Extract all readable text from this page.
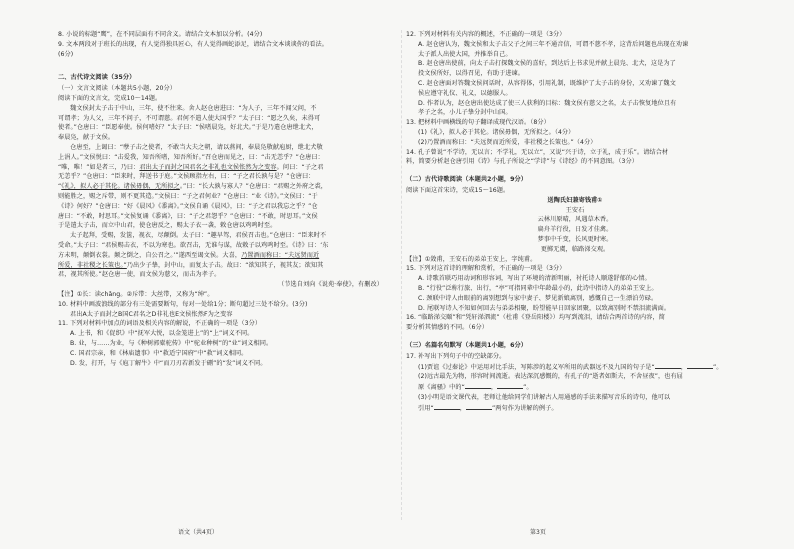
8. 小说的标题“鹰”，在不同层面有不同含义。请结合文本加以分析。(4分)

9. 文本两段对于班长的出现，有人觉得独具匠心，有人觉得画蛇添足，请结合文本谈谈你的看法。

(6分)

二、古代诗文阅读（35分）

（一）文言文阅读（本题共5小题，20分）

阅读下面的文言文，完成10～14题。

魏文侯封太子击于中山，三年，使不往来。舍人赵仓唐进曰：“为人子，三年不闻父问，不

可谓孝；为人父，三年不问子，不可谓慈。君何不遣人使大国乎？”太子曰：“愿之久矣，未得可

使者。”仓唐曰：“臣愿奉使。侯何嗜好？”太子曰：“侯嗜晨凫，好北犬。”于是乃遣仓唐绁北犬，

奉晨凫，献于文侯。

仓唐至，上谒曰：“孽子击之使者，不敢当大夫之朝，请以燕间，奉晨凫敬献庖厨，绁北犬敬

上涓人。”文侯悦曰：“击爱我，知吾所嗜，知吾所好。”召仓唐而见之，曰：“击无恙乎？”仓唐曰：

“唯，唯！”如是者三，乃曰：君出太子而封之国君名之非礼也文侯怅然为之变容。问曰：“子之君

无恙乎？”仓唐曰：“臣来时，拜送书于庭。”文侯顾指左右，曰：“子之君长孰与是？”仓唐曰：

“《礼》，拟人必于其伦。诸侯毋偶，无所拟之。”曰：“长大孰与寡人？”仓唐曰：“君赐之外府之裘，

则能胜之，赐之斥带，则不更其造。”文侯曰：“子之君何业？”仓唐曰：“业《诗》。”文侯曰：“于

《诗》何好？”仓唐曰：“好《晨风》《黍离》。”文侯自诵《晨风》，曰：“子之君以我忘之乎？”仓

唐曰：“不敢，时思耳。”文侯复诵《黍离》，曰：“子之君怨乎？”仓唐曰：“不敢，时思耳。”文侯

于是遣太子击，而立中山君，使仓唐反之，赐太子衣一袭，敕仓唐以鸡鸣时至。

太子起拜，受赐，发箧，视衣，尽颠倒。太子曰：“趣早驾，君侯召击也。”仓唐曰：“臣来时不

受命。”太子曰：“君侯赐击衣，不以为寒也。欲召击，无谁与谋，故敕子以鸡鸣时至。《诗》曰：‘东

方未明，颠倒衣裳。颠之倒之，自公召之。’”遂西至谒文侯。大喜，乃置酒而称曰：“夫远贤而近

所爱，非社稷之长策也。”乃出少子挚，封中山，而复太子击。故曰：“欲知其子，视其友；欲知其

君，视其所使。”赵仓唐一使，而文侯为慈父，而击为孝子。

（节选自刘向《说苑·奉使》，有删改）

【注】①长：读chǎng。②斥带：大丝带，又称为“绅”。

10. 材料中画波浪线的部分有三处需要断句，每对一处给1分；断句超过三处不给分。(3分)

君出A太子而封之B国C君名之D非礼也E文侯怅然F为之变容

11. 下列对材料中加点的词语及相关内容的解说，不正确的一项是（3分）

A. 上书，和《促织》中“抚军大悦，以金笼进上”的“上”词义不同。

B. 业，与……为业，与《种树郭橐驼传》中“驼业种树”的“业”词义相同。

C. 国君宗亲，和《林庙遗事》中“救适宁国府”中“救”词义相同。

D. 发，打开，与《庖丁解牛》中“而刀刃若新发于硎”的“发”词义不同。

12. 下列对材料有关内容的概述，不正确的一项是（3分）

A. 赵仓唐认为，魏文侯和太子击父子之间三年不通音信，可谓不慈不孝，这背后问题也出现在劝谏

太子派人出使大国，并推举自己。

B. 赵仓唐出使前，向太子击打探魏文侯的喜好，到达后上书求见并献上晨凫、北犬，这是为了

投文侯所好，以得召见，有助于进谏。

C. 赵仓唐面对答魏文侯问话时，从容得体，引用礼制，既维护了太子击的身份，又劝谏了魏文

侯应遵守礼仪、礼义，以德服人。

D. 作者认为，赵仓唐出使达成了使三人获利的目标：魏文侯有慈父之名，太子击恢复地位且有

孝子之名，小儿子挚分封中山国。

13. 把材料中画横线的句子翻译成现代汉语。（8分）

(1)《礼》，拟人必于其伦。诸侯毋偶，无所拟之。（4分）

(2)乃置酒而称曰：“夫远贤而近所爱，非社稷之长策也。”（4分）

14. 孔子曾说“不学诗，无以言；不学礼，无以立”，又说“兴于诗，立于礼，成于乐”。请结合材

料，简要分析赵仓唐引用《诗》与孔子所说之“学诗”与《诗经》的不同意图。（3分）

（二）古代诗歌阅读（本题共2小题，9分）

阅读下面这首宋诗，完成15～16题。

送陶氏妇兼寄钱甫①

王安石

云林川原晴，风遇草木香。

扁舟羊行役，日发才佳禽。

梦事中千变，长风更时寒。

更掷无虞，临路涕交观。

【注】①敛甫，王安石的弟弟王安上，字纯甫。

15. 下列对这首诗的理解和赏析，不正确的一项是（3分）

A. 诗歌首联巧用动词和形容词，写出了环境的清新明丽，衬托诗人顺遂舒郁的心情。

B. “行役”泛称行旅、出行，“亭”可指同辈中年龄最小的，此诗中指诗人的弟弟王安上。

C. 颈联中诗人由眼前的离别想到与家中妻子、梦见新娘离别，感慨自己一生漂泊劳碌。

D. 尾联写诗人不知如何回去与弟弟相聚，盼望能早日回家团聚，以致离别时不禁泪流满面。

16. “临路涕交颐”和“凭轩涕泗流”（杜甫《登岳阳楼》）均写到流泪，请结合两首诗的内容，简

要分析其情感的不同。（6分）

（三）名篇名句默写（本题共1小题，6分）

17. 补写出下列句子中的空缺部分。

(1)贾谊《过秦论》中运用对比手法，写陈涉的起义军所用的武器远不及九国的句子是“	，	”。

(2)远古最先为物，形容时间流逝。表达深沉感慨的，有孔子的“逝者如斯夫，不舍昼夜”，也有屈

原《离骚》中的“	，	”。

(3)小明是语文课代表，老师让他给同学们讲解古人用通感的手法来描写音乐的诗句，他可以

引用“	，	”两句作为讲解的例子。

语文（共4页）	第3页
